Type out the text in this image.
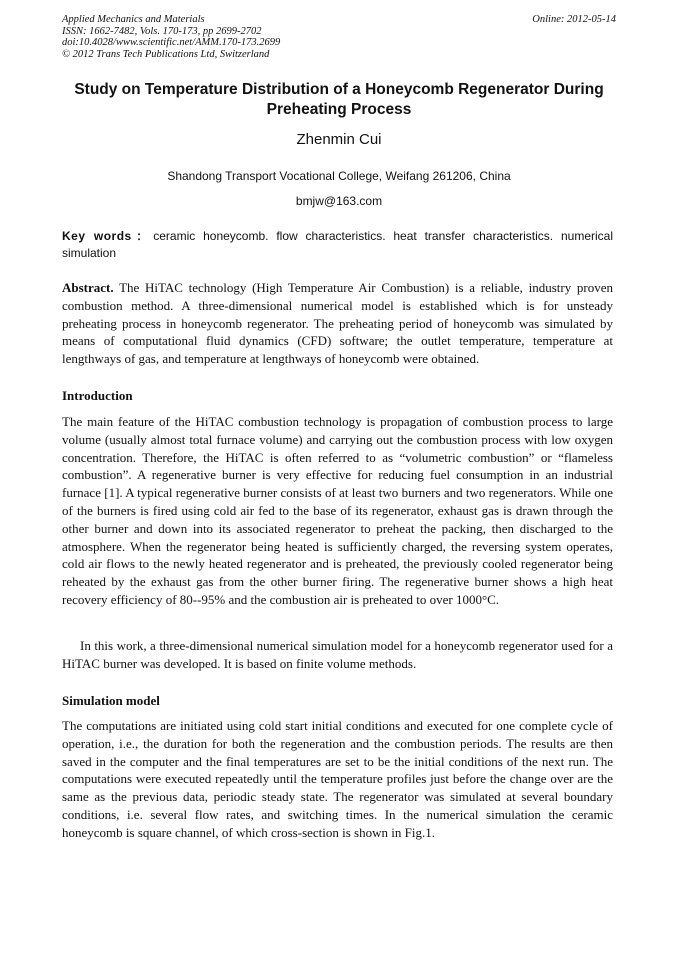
Applied Mechanics and Materials
ISSN: 1662-7482, Vols. 170-173, pp 2699-2702
doi:10.4028/www.scientific.net/AMM.170-173.2699
© 2012 Trans Tech Publications Ltd, Switzerland
Online: 2012-05-14
Study on Temperature Distribution of a Honeycomb Regenerator During Preheating Process
Zhenmin Cui
Shandong Transport Vocational College, Weifang 261206, China
bmjw@163.com
Key words：ceramic honeycomb. flow characteristics. heat transfer characteristics. numerical simulation
Abstract. The HiTAC technology (High Temperature Air Combustion) is a reliable, industry proven combustion method. A three-dimensional numerical model is established which is for unsteady preheating process in honeycomb regenerator. The preheating period of honeycomb was simulated by means of computational fluid dynamics (CFD) software; the outlet temperature, temperature at lengthways of gas, and temperature at lengthways of honeycomb were obtained.
Introduction
The main feature of the HiTAC combustion technology is propagation of combustion process to large volume (usually almost total furnace volume) and carrying out the combustion process with low oxygen concentration. Therefore, the HiTAC is often referred to as “volumetric combustion” or “flameless combustion”. A regenerative burner is very effective for reducing fuel consumption in an industrial furnace [1]. A typical regenerative burner consists of at least two burners and two regenerators. While one of the burners is fired using cold air fed to the base of its regenerator, exhaust gas is drawn through the other burner and down into its associated regenerator to preheat the packing, then discharged to the atmosphere. When the regenerator being heated is sufficiently charged, the reversing system operates, cold air flows to the newly heated regenerator and is preheated, the previously cooled regenerator being reheated by the exhaust gas from the other burner firing. The regenerative burner shows a high heat recovery efficiency of 80--95% and the combustion air is preheated to over 1000°C.
In this work, a three-dimensional numerical simulation model for a honeycomb regenerator used for a HiTAC burner was developed. It is based on finite volume methods.
Simulation model
The computations are initiated using cold start initial conditions and executed for one complete cycle of operation, i.e., the duration for both the regeneration and the combustion periods. The results are then saved in the computer and the final temperatures are set to be the initial conditions of the next run. The computations were executed repeatedly until the temperature profiles just before the change over are the same as the previous data, periodic steady state. The regenerator was simulated at several boundary conditions, i.e. several flow rates, and switching times. In the numerical simulation the ceramic honeycomb is square channel, of which cross-section is shown in Fig.1.
